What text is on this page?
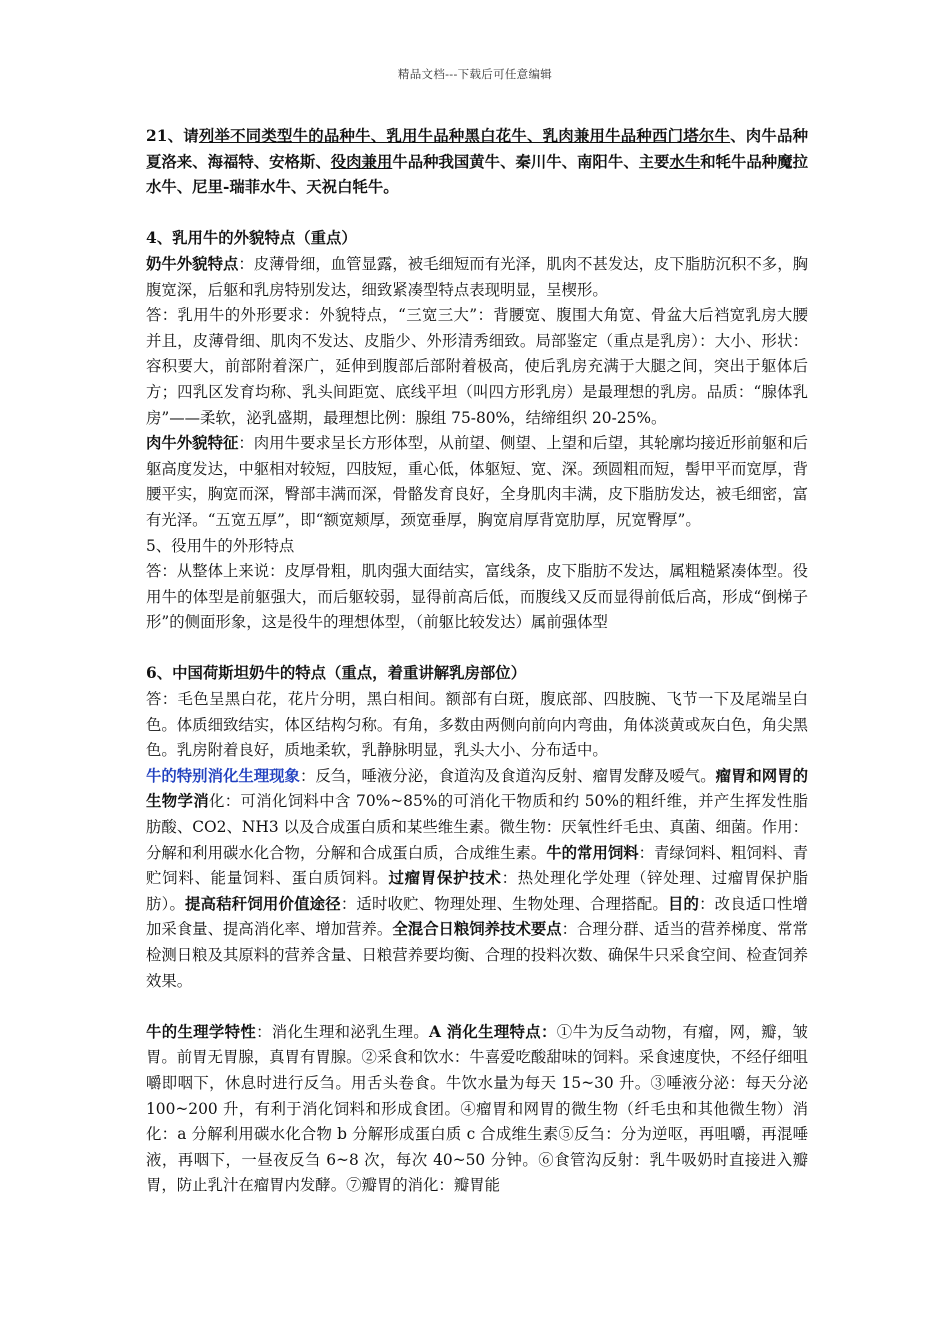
精品文档---下载后可任意编辑

21、请列举不同类型牛的品种牛、乳用牛品种黑白花牛、乳肉兼用牛品种西门塔尔牛、肉牛品种夏洛来、海福特、安格斯、役肉兼用牛品种我国黄牛、秦川牛、南阳牛、主要水牛和牦牛品种魔拉水牛、尼里-瑞菲水牛、天祝白牦牛。

4、乳用牛的外貌特点（重点）

奶牛外貌特点：皮薄骨细，血管显露，被毛细短而有光泽，肌肉不甚发达，皮下脂肪沉积不多，胸腹宽深，后躯和乳房特别发达，细致紧凑型特点表现明显，呈楔形。

答：乳用牛的外形要求：外貌特点，“三宽三大”：背腰宽、腹围大角宽、骨盆大后裆宽乳房大腰并且，皮薄骨细、肌肉不发达、皮脂少、外形清秀细致。局部鉴定（重点是乳房）：大小、形状：容积要大，前部附着深广，延伸到腹部后部附着极高，使后乳房充满于大腿之间，突出于躯体后方；四乳区发育均称、乳头间距宽、底线平坦（叫四方形乳房）是最理想的乳房。品质：“腺体乳房”——柔软，泌乳盛期，最理想比例：腺组 75-80%，结缔组织 20-25%。

肉牛外貌特征：肉用牛要求呈长方形体型，从前望、侧望、上望和后望，其轮廓均接近形前躯和后躯高度发达，中躯相对较短，四肢短，重心低，体躯短、宽、深。颈圆粗而短，髻甲平而宽厚，背腰平实，胸宽而深，臀部丰满而深，骨骼发育良好，全身肌肉丰满，皮下脂肪发达，被毛细密，富有光泽。“五宽五厚”，即“额宽颊厚，颈宽垂厚，胸宽肩厚背宽肋厚，尻宽臀厚”。

5、役用牛的外形特点

答：从整体上来说：皮厚骨粗，肌肉强大面结实，富线条，皮下脂肪不发达，属粗糙紧凑体型。役用牛的体型是前躯强大，而后躯较弱，显得前高后低，而腹线又反而显得前低后高，形成“倒梯子形”的侧面形象，这是役牛的理想体型，（前躯比较发达）属前强体型

6、中国荷斯坦奶牛的特点（重点，着重讲解乳房部位）

答：毛色呈黑白花，花片分明，黑白相间。额部有白斑，腹底部、四肢腕、飞节一下及尾端呈白色。体质细致结实，体区结构匀称。有角，多数由两侧向前向内弯曲，角体淡黄或灰白色，角尖黑色。乳房附着良好，质地柔软，乳静脉明显，乳头大小、分布适中。

牛的特别消化生理现象：反刍，唾液分泌，食道沟及食道沟反射、瘤胃发酵及嗳气。瘤胃和网胃的生物学消化：可消化饲料中含 70%~85%的可消化干物质和约 50%的粗纤维，并产生挥发性脂肪酸、CO2、NH3 以及合成蛋白质和某些维生素。微生物：厌氧性纤毛虫、真菌、细菌。作用：分解和利用碳水化合物，分解和合成蛋白质，合成维生素。牛的常用饲料：青绿饲料、粗饲料、青贮饲料、能量饲料、蛋白质饲料。过瘤胃保护技术：热处理化学处理（锌处理、过瘤胃保护脂肪）。提高秸秆饲用价值途径：适时收贮、物理处理、生物处理、合理搭配。目的：改良适口性增加采食量、提高消化率、增加营养。全混合日粮饲养技术要点：合理分群、适当的营养梯度、常常检测日粮及其原料的营养含量、日粮营养要均衡、合理的投料次数、确保牛只采食空间、检查饲养效果。

牛的生理学特性：消化生理和泌乳生理。A 消化生理特点：①牛为反刍动物，有瘤，网，瓣，皱胃。前胃无胃腺，真胃有胃腺。②采食和饮水：牛喜爱吃酸甜味的饲料。采食速度快，不经仔细咀嚼即咽下，休息时进行反刍。用舌头卷食。牛饮水量为每天 15~30 升。③唾液分泌：每天分泌 100~200 升，有利于消化饲料和形成食团。④瘤胃和网胃的微生物（纤毛虫和其他微生物）消化：a 分解利用碳水化合物 b 分解形成蛋白质 c 合成维生素⑤反刍：分为逆呕，再咀嚼，再混唾液，再咽下，一昼夜反刍 6~8 次，每次 40~50 分钟。⑥食管沟反射：乳牛吸奶时直接进入瓣胃，防止乳汁在瘤胃内发酵。⑦瓣胃的消化：瓣胃能
